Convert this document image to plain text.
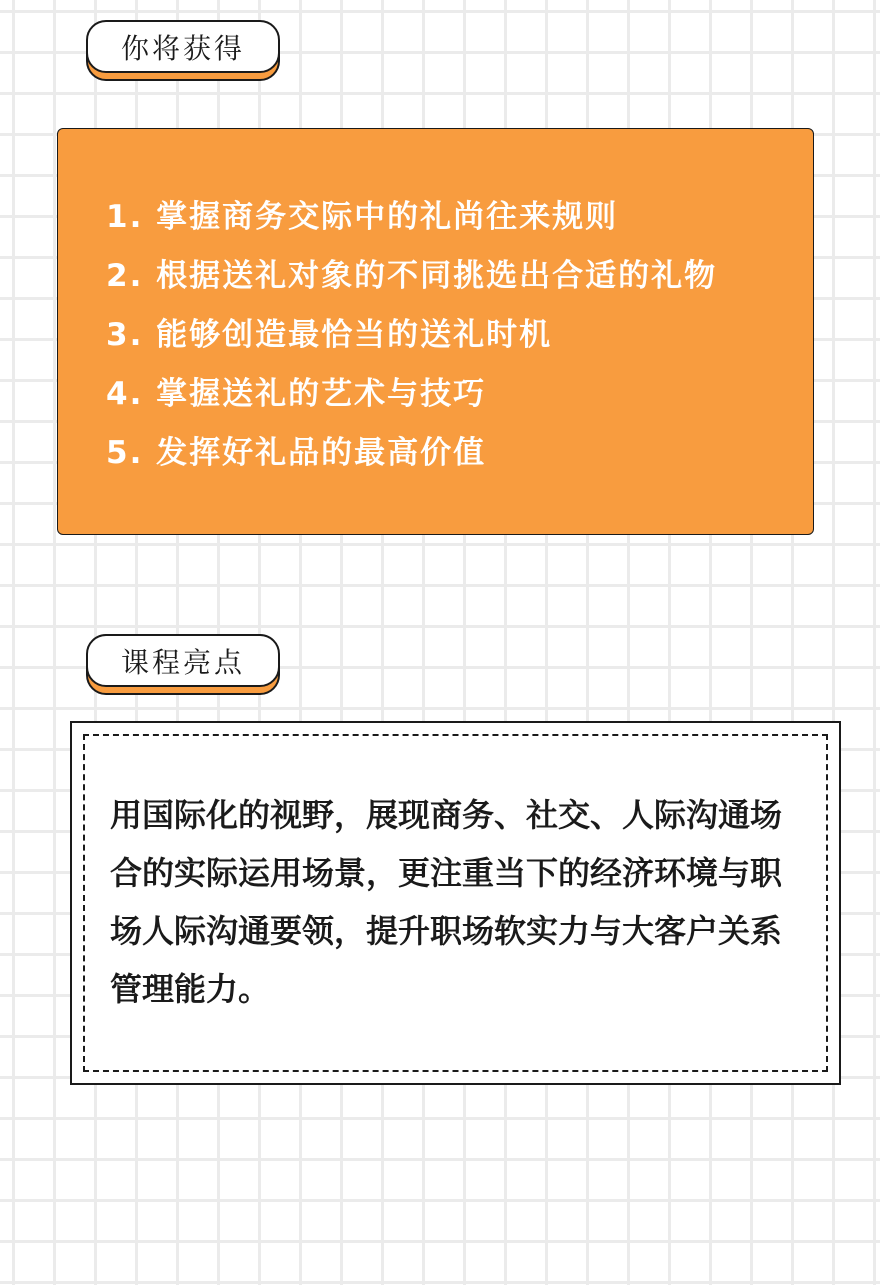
你将获得
1. 掌握商务交际中的礼尚往来规则
2. 根据送礼对象的不同挑选出合适的礼物
3. 能够创造最恰当的送礼时机
4. 掌握送礼的艺术与技巧
5. 发挥好礼品的最高价值
课程亮点

用国际化的视野，展现商务、社交、人际沟通场合的实际运用场景，更注重当下的经济环境与职场人际沟通要领，提升职场软实力与大客户关系管理能力。
